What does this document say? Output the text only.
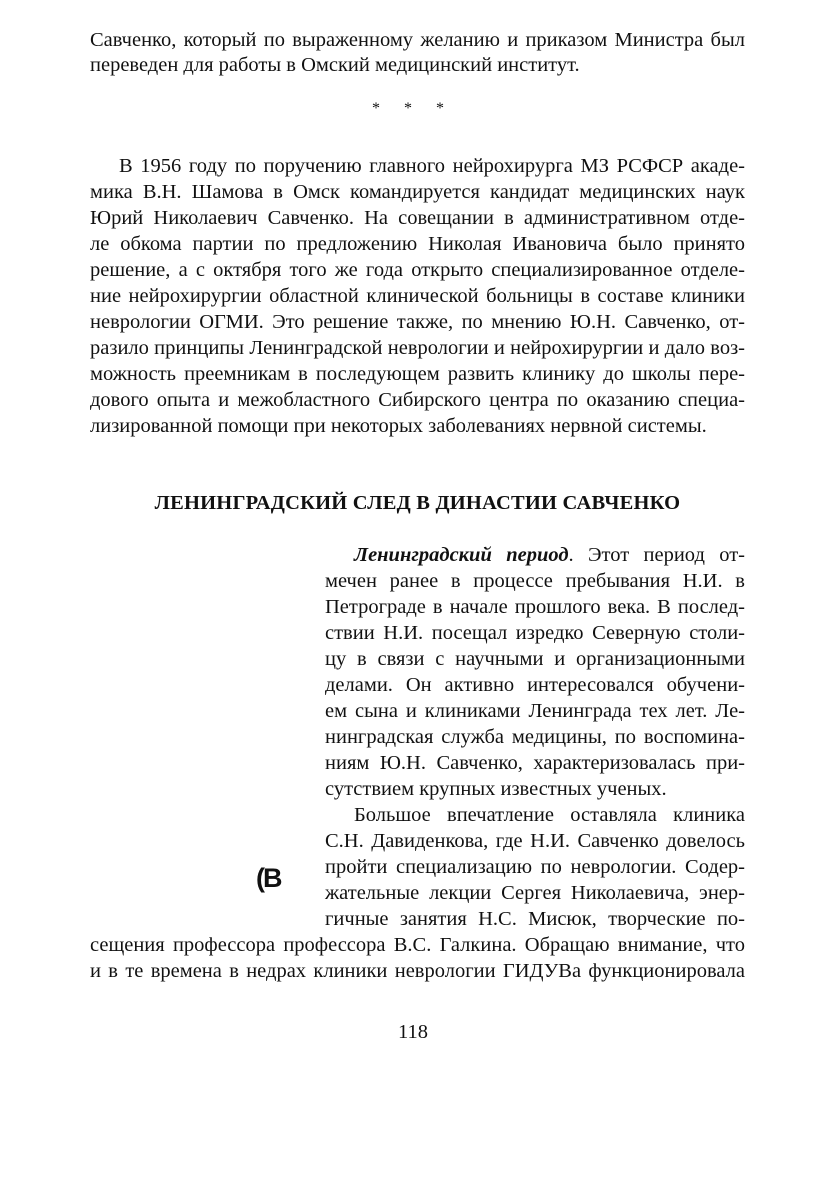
Савченко, который по выраженному желанию и приказом Министра был
переведен для работы в Омский медицинский институт.
* * *
В 1956 году по поручению главного нейрохирурга МЗ РСФСР акаде-
мика В.Н. Шамова в Омск командируется кандидат медицинских наук
Юрий Николаевич Савченко. На совещании в административном отде-
ле обкома партии по предложению Николая Ивановича было принято
решение, а с октября того же года открыто специализированное отделе-
ние нейрохирургии областной клинической больницы в составе клиники
неврологии ОГМИ. Это решение также, по мнению Ю.Н. Савченко, от-
разило принципы Ленинградской неврологии и нейрохирургии и дало воз-
можность преемникам в последующем развить клинику до школы пере-
дового опыта и межобластного Сибирского центра по оказанию специа-
лизированной помощи при некоторых заболеваниях нервной системы.
ЛЕНИНГРАДСКИЙ СЛЕД В ДИНАСТИИ САВЧЕНКО
Ленинградский период. Этот период от-
мечен ранее в процессе пребывания Н.И. в
Петрограде в начале прошлого века. В послед-
ствии Н.И. посещал изредко Северную столи-
цу в связи с научными и организационными
делами. Он активно интересовался обучени-
ем сына и клиниками Ленинграда тех лет. Ле-
нинградская служба медицины, по воспомина-
ниям Ю.Н. Савченко, характеризовалась при-
сутствием крупных известных ученых.
Большое впечатление оставляла клиника
С.Н. Давиденкова, где Н.И. Савченко довелось
пройти специализацию по неврологии. Содер-
жательные лекции Сергея Николаевича, энер-
гичные занятия Н.С. Мисюк, творческие по-
сещения профессора профессора В.С. Галкина. Обращаю внимание, что
и в те времена в недрах клиники неврологии ГИДУВа функционировала
(B
118
